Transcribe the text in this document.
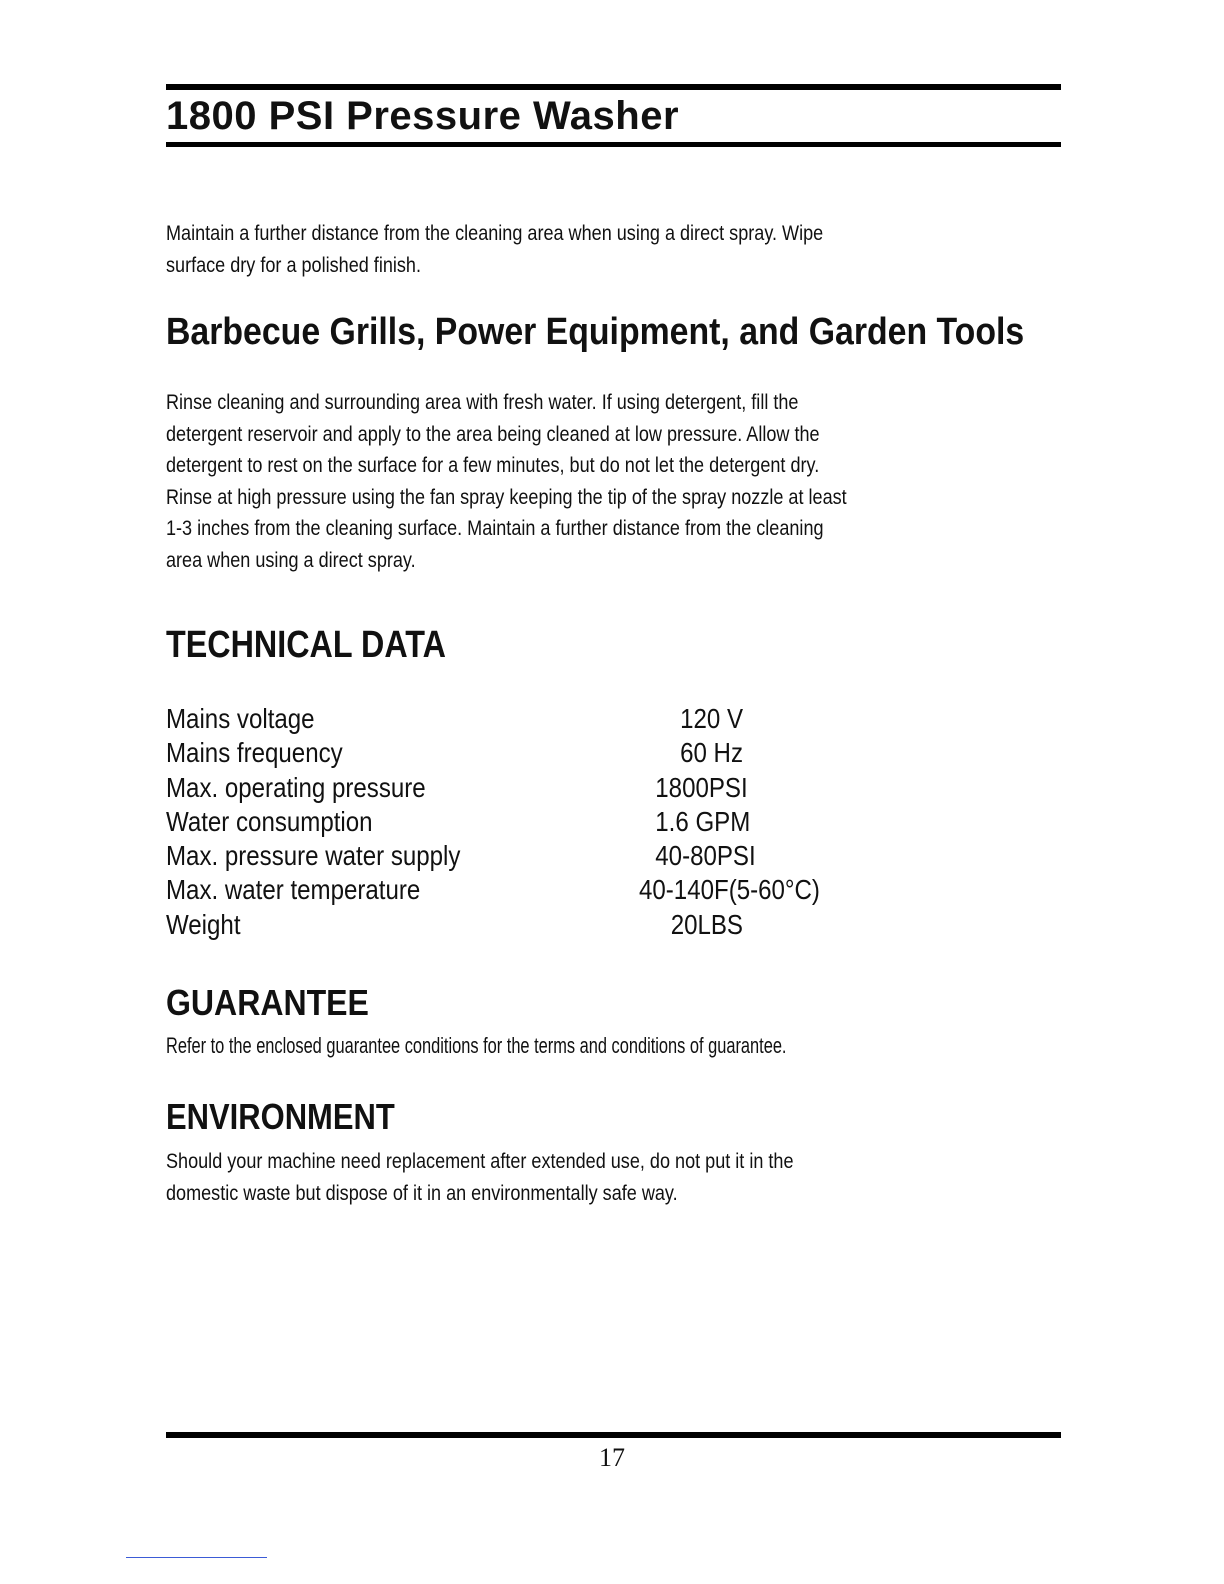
1800 PSI Pressure Washer

Maintain a further distance from the cleaning area when using a direct spray. Wipe
surface dry for a polished finish.

Barbecue Grills, Power Equipment, and Garden Tools

Rinse cleaning and surrounding area with fresh water. If using detergent, fill the
detergent reservoir and apply to the area being cleaned at low pressure. Allow the
detergent to rest on the surface for a few minutes, but do not let the detergent dry.
Rinse at high pressure using the fan spray keeping the tip of the spray nozzle at least
1-3 inches from the cleaning surface. Maintain a further distance from the cleaning
area when using a direct spray.

TECHNICAL DATA
Mains voltage	120 V
Mains frequency	60 Hz
Max. operating pressure	1800PSI
Water consumption	1.6 GPM
Max. pressure water supply	40-80PSI
Max. water temperature	40-140F(5-60°C)
Weight	20LBS
GUARANTEE

Refer to the enclosed guarantee conditions for the terms and conditions of guarantee.

ENVIRONMENT

Should your machine need replacement after extended use, do not put it in the
domestic waste but dispose of it in an environmentally safe way.

17
